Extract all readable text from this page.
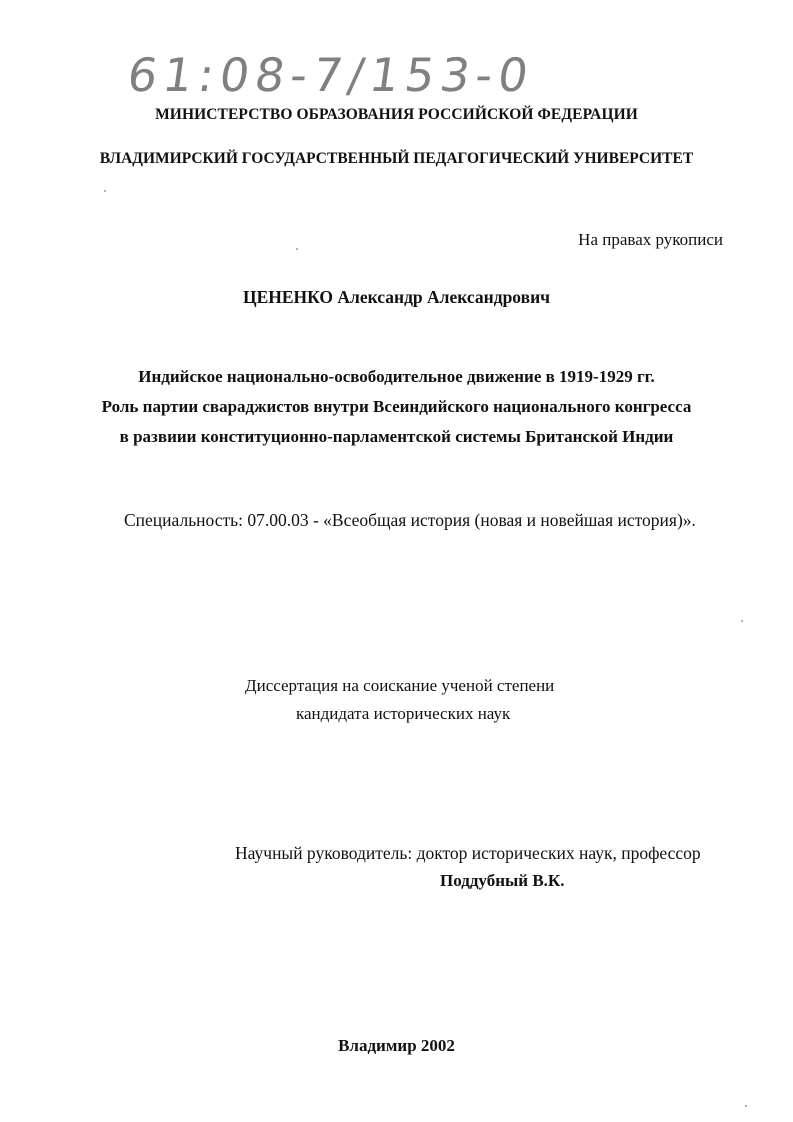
61:08-7/153-0
МИНИСТЕРСТВО ОБРАЗОВАНИЯ РОССИЙСКОЙ ФЕДЕРАЦИИ
ВЛАДИМИРСКИЙ ГОСУДАРСТВЕННЫЙ ПЕДАГОГИЧЕСКИЙ УНИВЕРСИТЕТ
На правах рукописи
ЦЕНЕНКО Александр Александрович
Индийское национально-освободительное движение в 1919-1929 гг.
Роль партии свараджистов внутри Всеиндийского национального конгресса
в развиии конституционно-парламентской системы Британской Индии
Специальность: 07.00.03 - «Всеобщая история (новая и новейшая история)».
Диссертация на соискание ученой степени
кандидата исторических наук
Научный руководитель: доктор исторических наук, профессор
Поддубный В.К.
Владимир 2002
